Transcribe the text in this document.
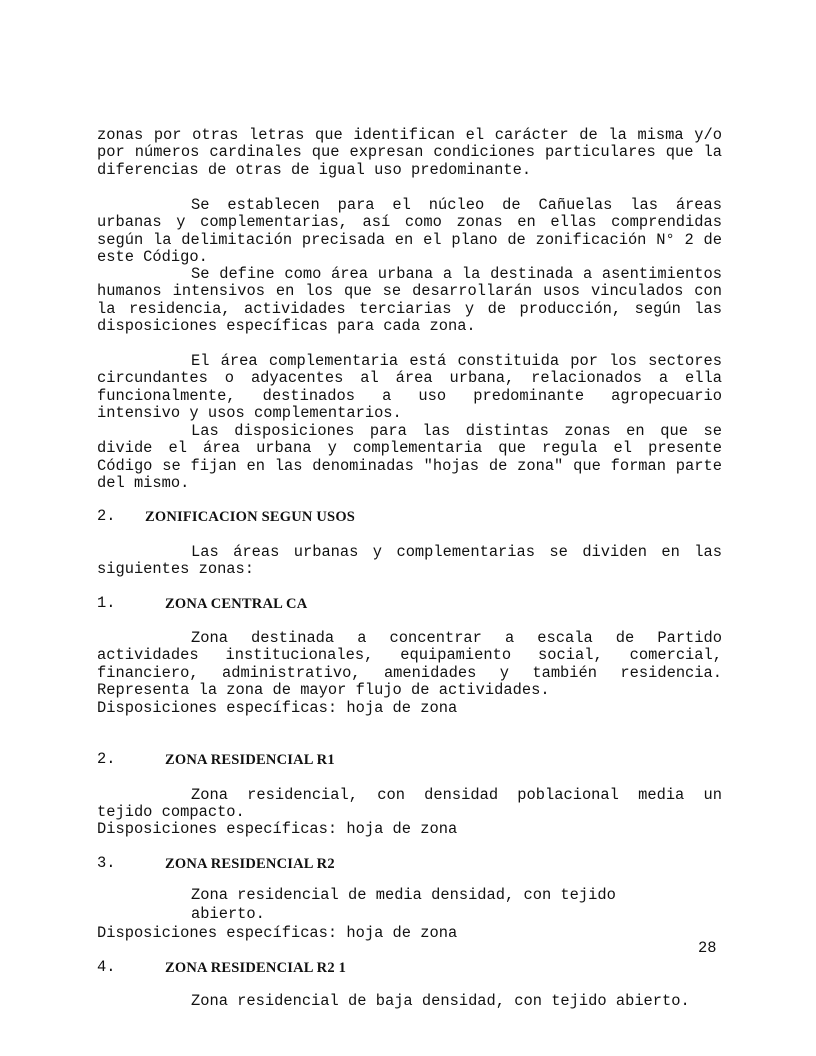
zonas por otras letras que identifican el carácter de la misma y/o por números cardinales que expresan condiciones particulares que la diferencias de otras de igual uso predominante.

Se establecen para el núcleo de Cañuelas las áreas urbanas y complementarias, así como zonas en ellas comprendidas según la delimitación precisada en el plano de zonificación N° 2 de este Código.

Se define como área urbana a la destinada a asentimientos humanos intensivos en los que se desarrollarán usos vinculados con la residencia, actividades terciarias y de producción, según las disposiciones específicas para cada zona.

El área complementaria está constituida por los sectores circundantes o adyacentes al área urbana, relacionados a ella funcionalmente, destinados a uso predominante agropecuario intensivo y usos complementarios.

Las disposiciones para las distintas zonas en que se divide el área urbana y complementaria que regula el presente Código se fijan en las denominadas "hojas de zona" que forman parte del mismo.

2. ZONIFICACION SEGUN USOS

Las áreas urbanas y complementarias se dividen en las siguientes zonas:

1.	ZONA CENTRAL CA

Zona destinada a concentrar a escala de Partido actividades institucionales, equipamiento social, comercial, financiero, administrativo, amenidades y también residencia. Representa la zona de mayor flujo de actividades.

Disposiciones específicas: hoja de zona
2.	ZONA RESIDENCIAL R1

Zona residencial, con densidad poblacional media un tejido compacto.

Disposiciones específicas: hoja de zona
3.	ZONA RESIDENCIAL R2
Zona residencial de media densidad, con tejido
abierto.
Disposiciones específicas: hoja de zona
28
4.	ZONA RESIDENCIAL R2 1
Zona residencial de baja densidad, con tejido abierto.
